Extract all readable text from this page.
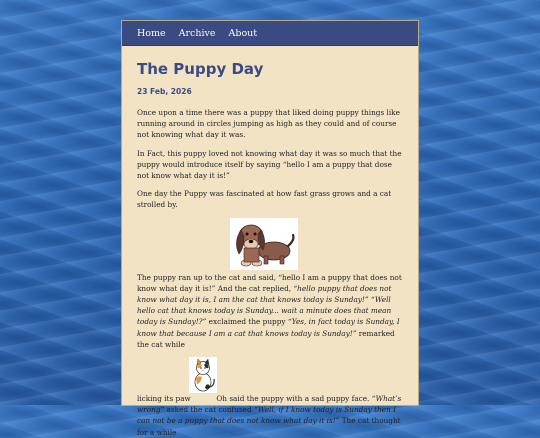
Home Archive About
The Puppy Day
23 Feb, 2026

Once upon a time there was a puppy that liked doing puppy things like running around in circles jumping as high as they could and of course not knowing what day it was.

In Fact, this puppy loved not knowing what day it was so much that the puppy would introduce itself by saying “hello I am a puppy that dose not know what day it is!”

One day the Puppy was fascinated at how fast grass grows and a cat strolled by.

The puppy ran up to the cat and said, “hello I am a puppy that does not know what day it is!” And the cat replied, “hello puppy that does not know what day it is, I am the cat that knows today is Sunday!” “Well hello cat that knows today is Sunday... wait a minute does that mean today is Sunday!?” exclaimed the puppy “Yes, in fact today is Sunday, I know that because I am a cat that knows today is Sunday!” remarked the cat while

licking its paw	Oh said the puppy with a sad puppy face. “What’s wrong” asked the cat confused “Well, if I know today is Sunday then I can not be a puppy that does not know what day it is!” The cat thought for a while
